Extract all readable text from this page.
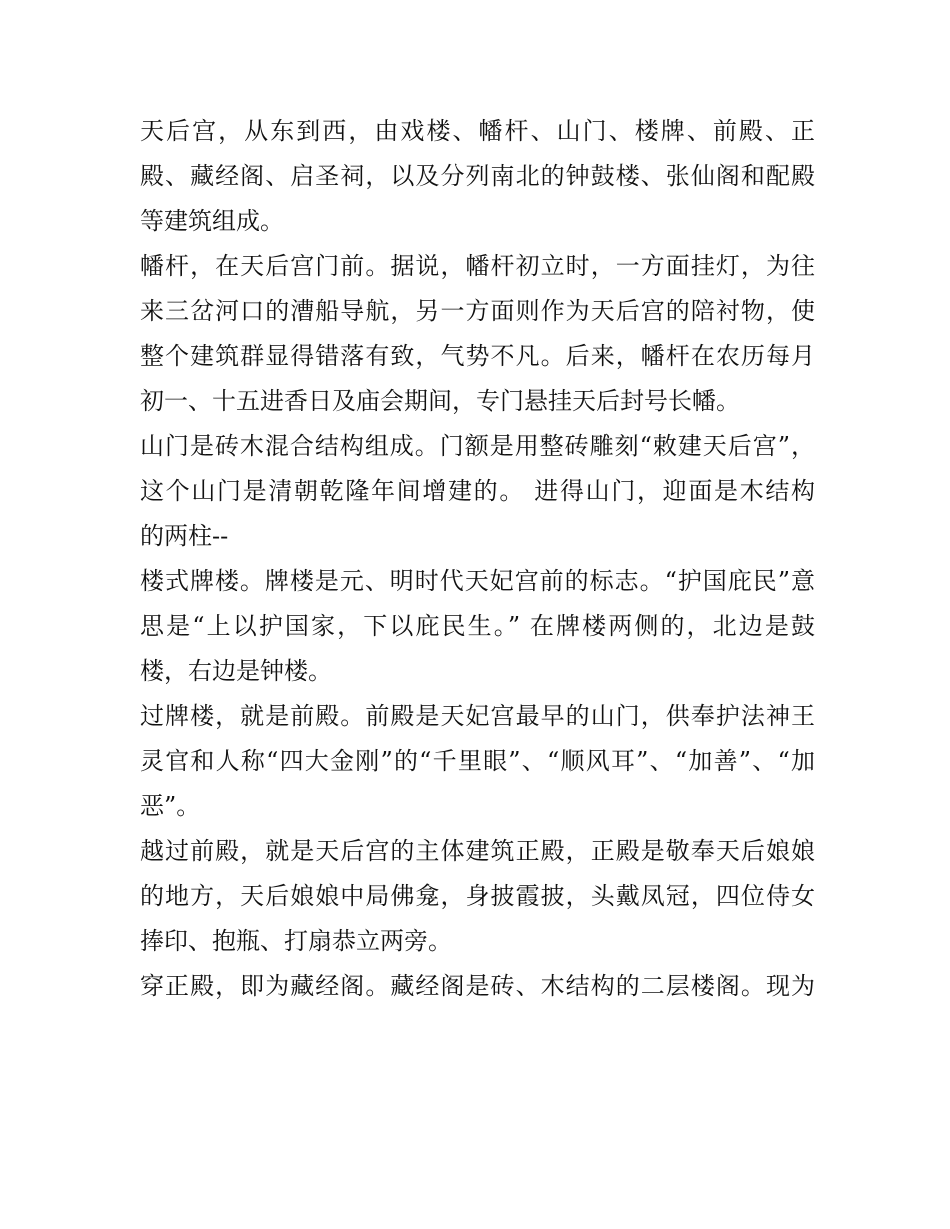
天后宫，从东到西，由戏楼、幡杆、山门、楼牌、前殿、正
殿、藏经阁、启圣祠，以及分列南北的钟鼓楼、张仙阁和配殿
等建筑组成。
幡杆，在天后宫门前。据说，幡杆初立时，一方面挂灯，为往
来三岔河口的漕船导航，另一方面则作为天后宫的陪衬物，使
整个建筑群显得错落有致，气势不凡。后来，幡杆在农历每月
初一、十五进香日及庙会期间，专门悬挂天后封号长幡。
山门是砖木混合结构组成。门额是用整砖雕刻“敕建天后宫”，
这个山门是清朝乾隆年间增建的。 进得山门，迎面是木结构
的两柱--
楼式牌楼。牌楼是元、明时代天妃宫前的标志。“护国庇民”意
思是“上以护国家，下以庇民生。” 在牌楼两侧的，北边是鼓
楼，右边是钟楼。
过牌楼，就是前殿。前殿是天妃宫最早的山门，供奉护法神王
灵官和人称“四大金刚”的“千里眼”、“顺风耳”、“加善”、“加
恶”。
越过前殿，就是天后宫的主体建筑正殿，正殿是敬奉天后娘娘
的地方，天后娘娘中局佛龛，身披霞披，头戴凤冠，四位侍女
捧印、抱瓶、打扇恭立两旁。
穿正殿，即为藏经阁。藏经阁是砖、木结构的二层楼阁。现为
